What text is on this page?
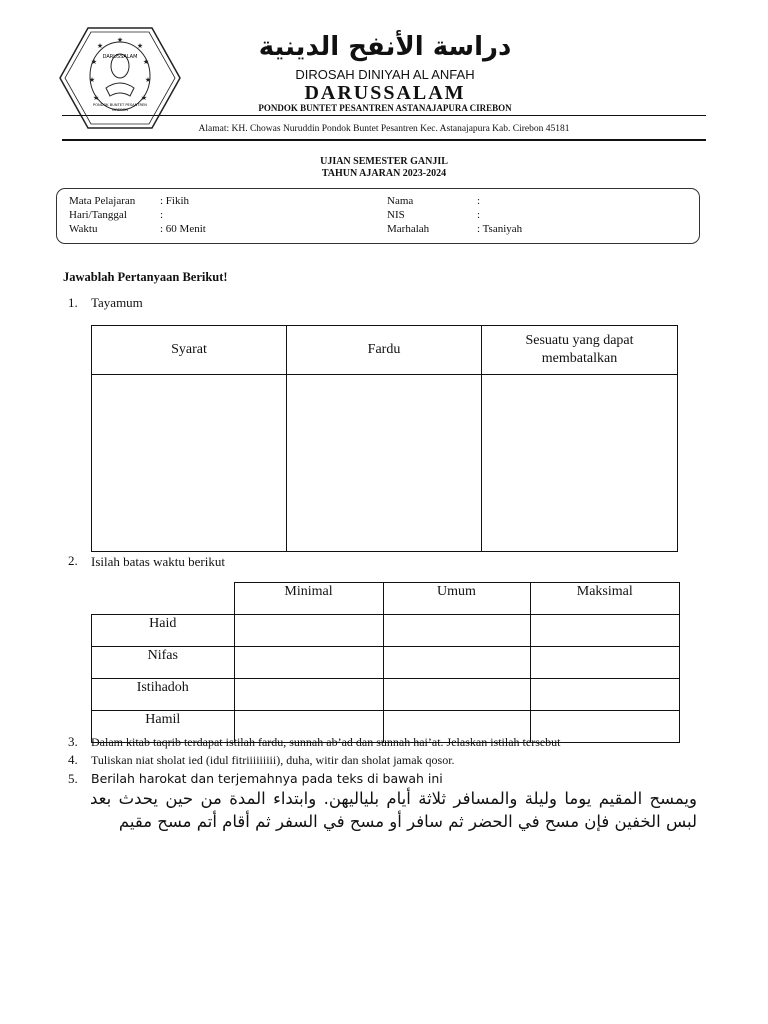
DARUSSALAM
PONDOK BUNTET PESANTREN
CIREBON
★	★
★	★
★	★
★	★
★	دراسة الأنفح الدينية
DIROSAH DINIYAH AL ANFAH
DARUSSALAM
PONDOK BUNTET PESANTREN ASTANAJAPURA CIREBON
Alamat: KH. Chowas Nuruddin Pondok Buntet Pesantren Kec. Astanajapura Kab. Cirebon 45181
UJIAN SEMESTER GANJIL
TAHUN AJARAN 2023-2024
Mata Pelajaran : Fikih
Hari/Tanggal	:
Waktu	: 60 Menit
Nama	:
NIS	:
Marhalah	: Tsaniyah
Jawablah Pertanyaan Berikut!
1. Tayamum
Syarat	Fardu	Sesuatu yang dapat membatalkan

2. Isilah batas waktu berikut
	Minimal	Umum	Maksimal
Haid			
Nifas			
Istihadoh			
Hamil			
3. Dalam kitab taqrib terdapat istilah fardu, sunnah ab’ad dan sunnah hai’at. Jelaskan istilah tersebut
4. Tuliskan niat sholat ied (idul fitriiiiiiiii), duha, witir dan sholat jamak qosor.
5. Berilah harokat dan terjemahnya pada teks di bawah ini
ويمسح المقيم يوما وليلة والمسافر ثلاثة أيام بلياليهن. وابتداء المدة من حين يحدث بعد لبس الخفين فإن مسح في الحضر ثم سافر أو مسح في السفر ثم أقام أتم مسح مقيم
